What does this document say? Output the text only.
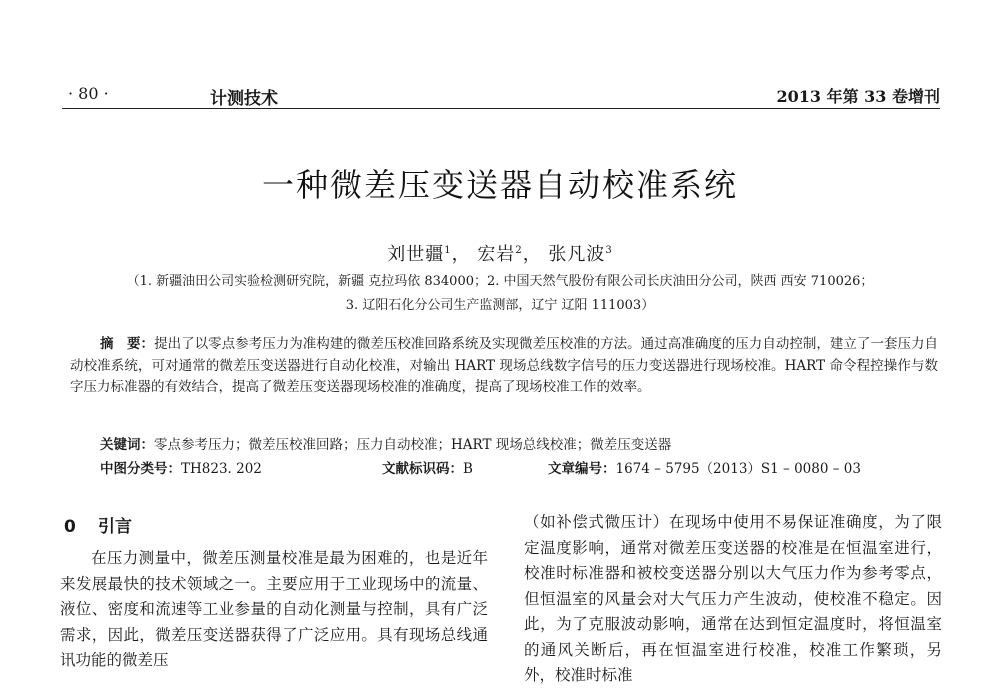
· 80 ·	计测技术	2013 年第 33 卷增刊
一种微差压变送器自动校准系统
刘世疆$^1$， 宏岩$^2$， 张凡波$^3$
（1. 新疆油田公司实验检测研究院，新疆 克拉玛依 834000；2. 中国天然气股份有限公司长庆油田分公司，陕西 西安 710026；
3. 辽阳石化分公司生产监测部，辽宁 辽阳 111003）
摘　要：提出了以零点参考压力为准构建的微差压校准回路系统及实现微差压校准的方法。通过高准确度的压力自动控制，建立了一套压力自动校准系统，可对通常的微差压变送器进行自动化校准，对输出 HART 现场总线数字信号的压力变送器进行现场校准。HART 命令程控操作与数字压力标准器的有效结合，提高了微差压变送器现场校准的准确度，提高了现场校准工作的效率。
关键词：零点参考压力；微差压校准回路；压力自动校准；HART 现场总线校准；微差压变送器
中图分类号：TH823. 202	文献标识码：B	文章编号：1674 – 5795（2013）S1 – 0080 – 03
0 引言
在压力测量中，微差压测量校准是最为困难的，也是近年来发展最快的技术领域之一。主要应用于工业现场中的流量、液位、密度和流速等工业参量的自动化测量与控制，具有广泛需求，因此，微差压变送器获得了广泛应用。具有现场总线通讯功能的微差压
（如补偿式微压计）在现场中使用不易保证准确度，为了限定温度影响，通常对微差压变送器的校准是在恒温室进行，校准时标准器和被校变送器分别以大气压力作为参考零点，但恒温室的风量会对大气压力产生波动，使校准不稳定。因此，为了克服波动影响，通常在达到恒定温度时，将恒温室的通风关断后，再在恒温室进行校准，校准工作繁琐，另外，校准时标准
